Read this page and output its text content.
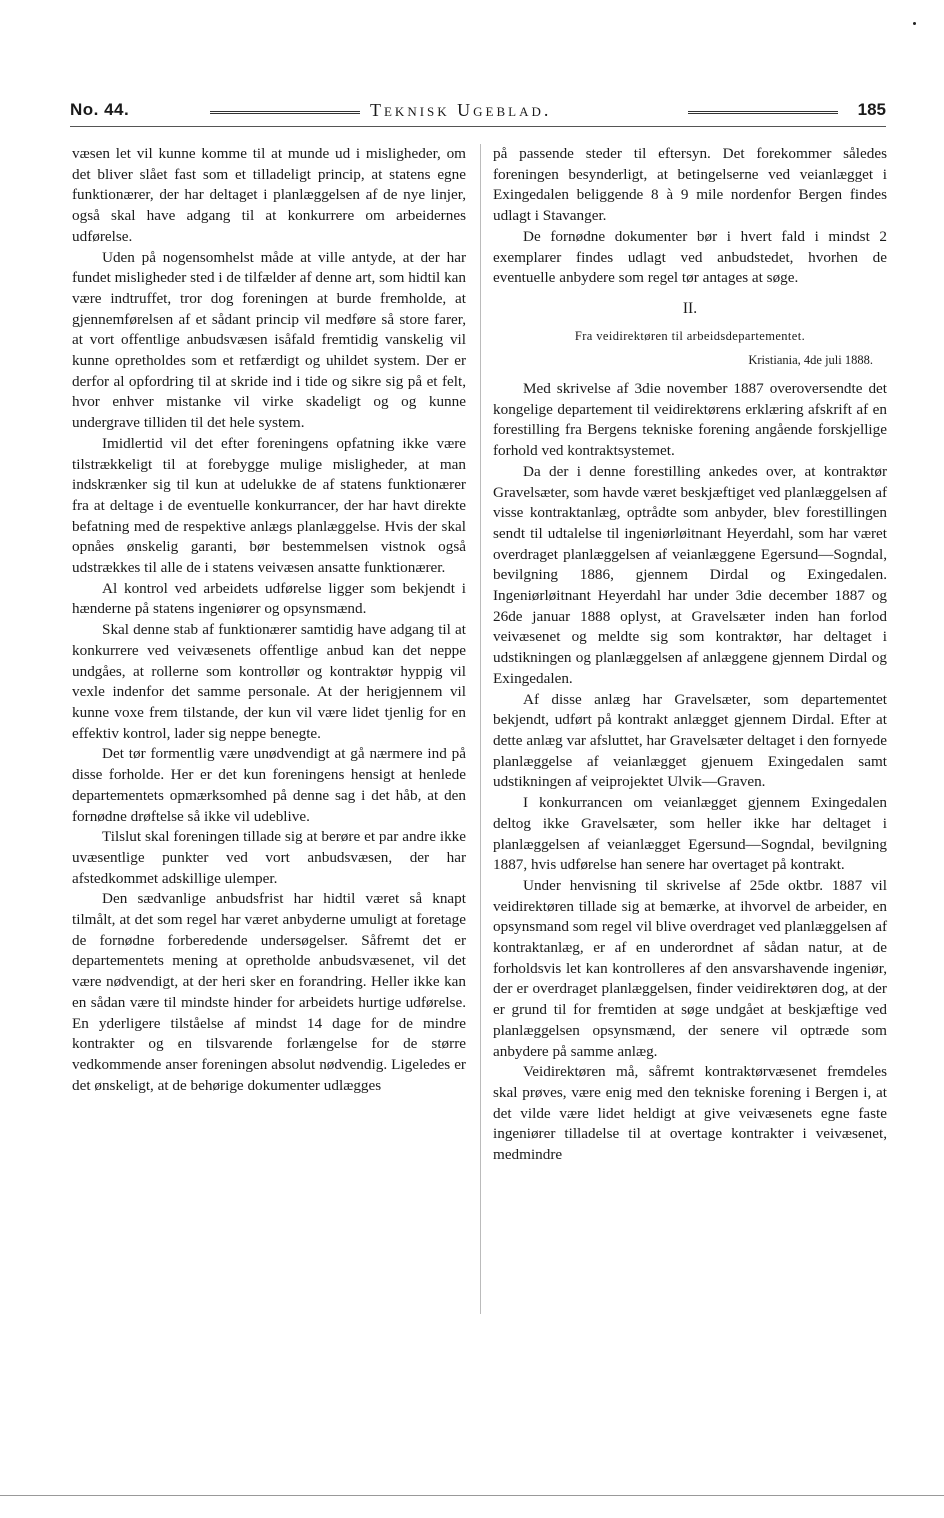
No. 44.	Teknisk Ugeblad.	185

væsen let vil kunne komme til at munde ud i misligheder, om det bliver slået fast som et tilladeligt princip, at statens egne funktionærer, der har deltaget i planlæggelsen af de nye linjer, også skal have adgang til at konkurrere om arbeidernes udførelse.

Uden på nogensomhelst måde at ville antyde, at der har fundet misligheder sted i de tilfælder af denne art, som hidtil kan være indtruffet, tror dog foreningen at burde fremholde, at gjennemførelsen af et sådant princip vil medføre så store farer, at vort offentlige anbudsvæsen isåfald fremtidig vanskelig vil kunne opretholdes som et retfærdigt og uhildet system. Der er derfor al opfordring til at skride ind i tide og sikre sig på et felt, hvor enhver mistanke vil virke skadeligt og og kunne undergrave tilliden til det hele system.

Imidlertid vil det efter foreningens opfatning ikke være tilstrækkeligt til at forebygge mulige misligheder, at man indskrænker sig til kun at udelukke de af statens funktionærer fra at deltage i de eventuelle konkurrancer, der har havt direkte befatning med de respektive anlægs planlæggelse. Hvis der skal opnåes ønskelig garanti, bør bestemmelsen vistnok også udstrækkes til alle de i statens veivæsen ansatte funktionærer.

Al kontrol ved arbeidets udførelse ligger som bekjendt i hænderne på statens ingeniører og opsynsmænd.

Skal denne stab af funktionærer samtidig have adgang til at konkurrere ved veivæsenets offentlige anbud kan det neppe undgåes, at rollerne som kontrollør og kontraktør hyppig vil vexle indenfor det samme personale. At der herigjennem vil kunne voxe frem tilstande, der kun vil være lidet tjenlig for en effektiv kontrol, lader sig neppe benegte.

Det tør formentlig være unødvendigt at gå nærmere ind på disse forholde. Her er det kun foreningens hensigt at henlede departementets opmærksomhed på denne sag i det håb, at den fornødne drøftelse så ikke vil udeblive.

Tilslut skal foreningen tillade sig at berøre et par andre ikke uvæsentlige punkter ved vort anbudsvæsen, der har afstedkommet adskillige ulemper.

Den sædvanlige anbudsfrist har hidtil været så knapt tilmålt, at det som regel har været anbyderne umuligt at foretage de fornødne forberedende undersøgelser. Såfremt det er departementets mening at opretholde anbudsvæsenet, vil det være nødvendigt, at der heri sker en forandring. Heller ikke kan en sådan være til mindste hinder for arbeidets hurtige udførelse. En yderligere tilståelse af mindst 14 dage for de mindre kontrakter og en tilsvarende forlængelse for de større vedkommende anser foreningen absolut nødvendig. Ligeledes er det ønskeligt, at de behørige dokumenter udlægges

på passende steder til eftersyn. Det forekommer således foreningen besynderligt, at betingelserne ved veianlægget i Exingedalen beliggende 8 à 9 mile nordenfor Bergen findes udlagt i Stavanger.

De fornødne dokumenter bør i hvert fald i mindst 2 exemplarer findes udlagt ved anbudstedet, hvorhen de eventuelle anbydere som regel tør antages at søge.

II.

Fra veidirektøren til arbeidsdepartementet.

Kristiania, 4de juli 1888.

Med skrivelse af 3die november 1887 overoversendte det kongelige departement til veidirektørens erklæring afskrift af en forestilling fra Bergens tekniske forening angående forskjellige forhold ved kontraktsystemet.

Da der i denne forestilling ankedes over, at kontraktør Gravelsæter, som havde været beskjæftiget ved planlæggelsen af visse kontraktanlæg, optrådte som anbyder, blev forestillingen sendt til udtalelse til ingeniørløitnant Heyerdahl, som har været overdraget planlæggelsen af veianlæggene Egersund—Sogndal, bevilgning 1886, gjennem Dirdal og Exingedalen. Ingeniørløitnant Heyerdahl har under 3die december 1887 og 26de januar 1888 oplyst, at Gravelsæter inden han forlod veivæsenet og meldte sig som kontraktør, har deltaget i udstikningen og planlæggelsen af anlæggene gjennem Dirdal og Exingedalen.

Af disse anlæg har Gravelsæter, som departementet bekjendt, udført på kontrakt anlægget gjennem Dirdal. Efter at dette anlæg var afsluttet, har Gravelsæter deltaget i den fornyede planlæggelse af veianlægget gjenuem Exingedalen samt udstikningen af veiprojektet Ulvik—Graven.

I konkurrancen om veianlægget gjennem Exingedalen deltog ikke Gravelsæter, som heller ikke har deltaget i planlæggelsen af veianlægget Egersund—Sogndal, bevilgning 1887, hvis udførelse han senere har overtaget på kontrakt.

Under henvisning til skrivelse af 25de oktbr. 1887 vil veidirektøren tillade sig at bemærke, at ihvorvel de arbeider, en opsynsmand som regel vil blive overdraget ved planlæggelsen af kontraktanlæg, er af en underordnet af sådan natur, at de forholdsvis let kan kontrolleres af den ansvarshavende ingeniør, der er overdraget planlæggelsen, finder veidirektøren dog, at der er grund til for fremtiden at søge undgået at beskjæftige ved planlæggelsen opsynsmænd, der senere vil optræde som anbydere på samme anlæg.

Veidirektøren må, såfremt kontraktørvæsenet fremdeles skal prøves, være enig med den tekniske forening i Bergen i, at det vilde være lidet heldigt at give veivæsenets egne faste ingeniører tilladelse til at overtage kontrakter i veivæsenet, medmindre
